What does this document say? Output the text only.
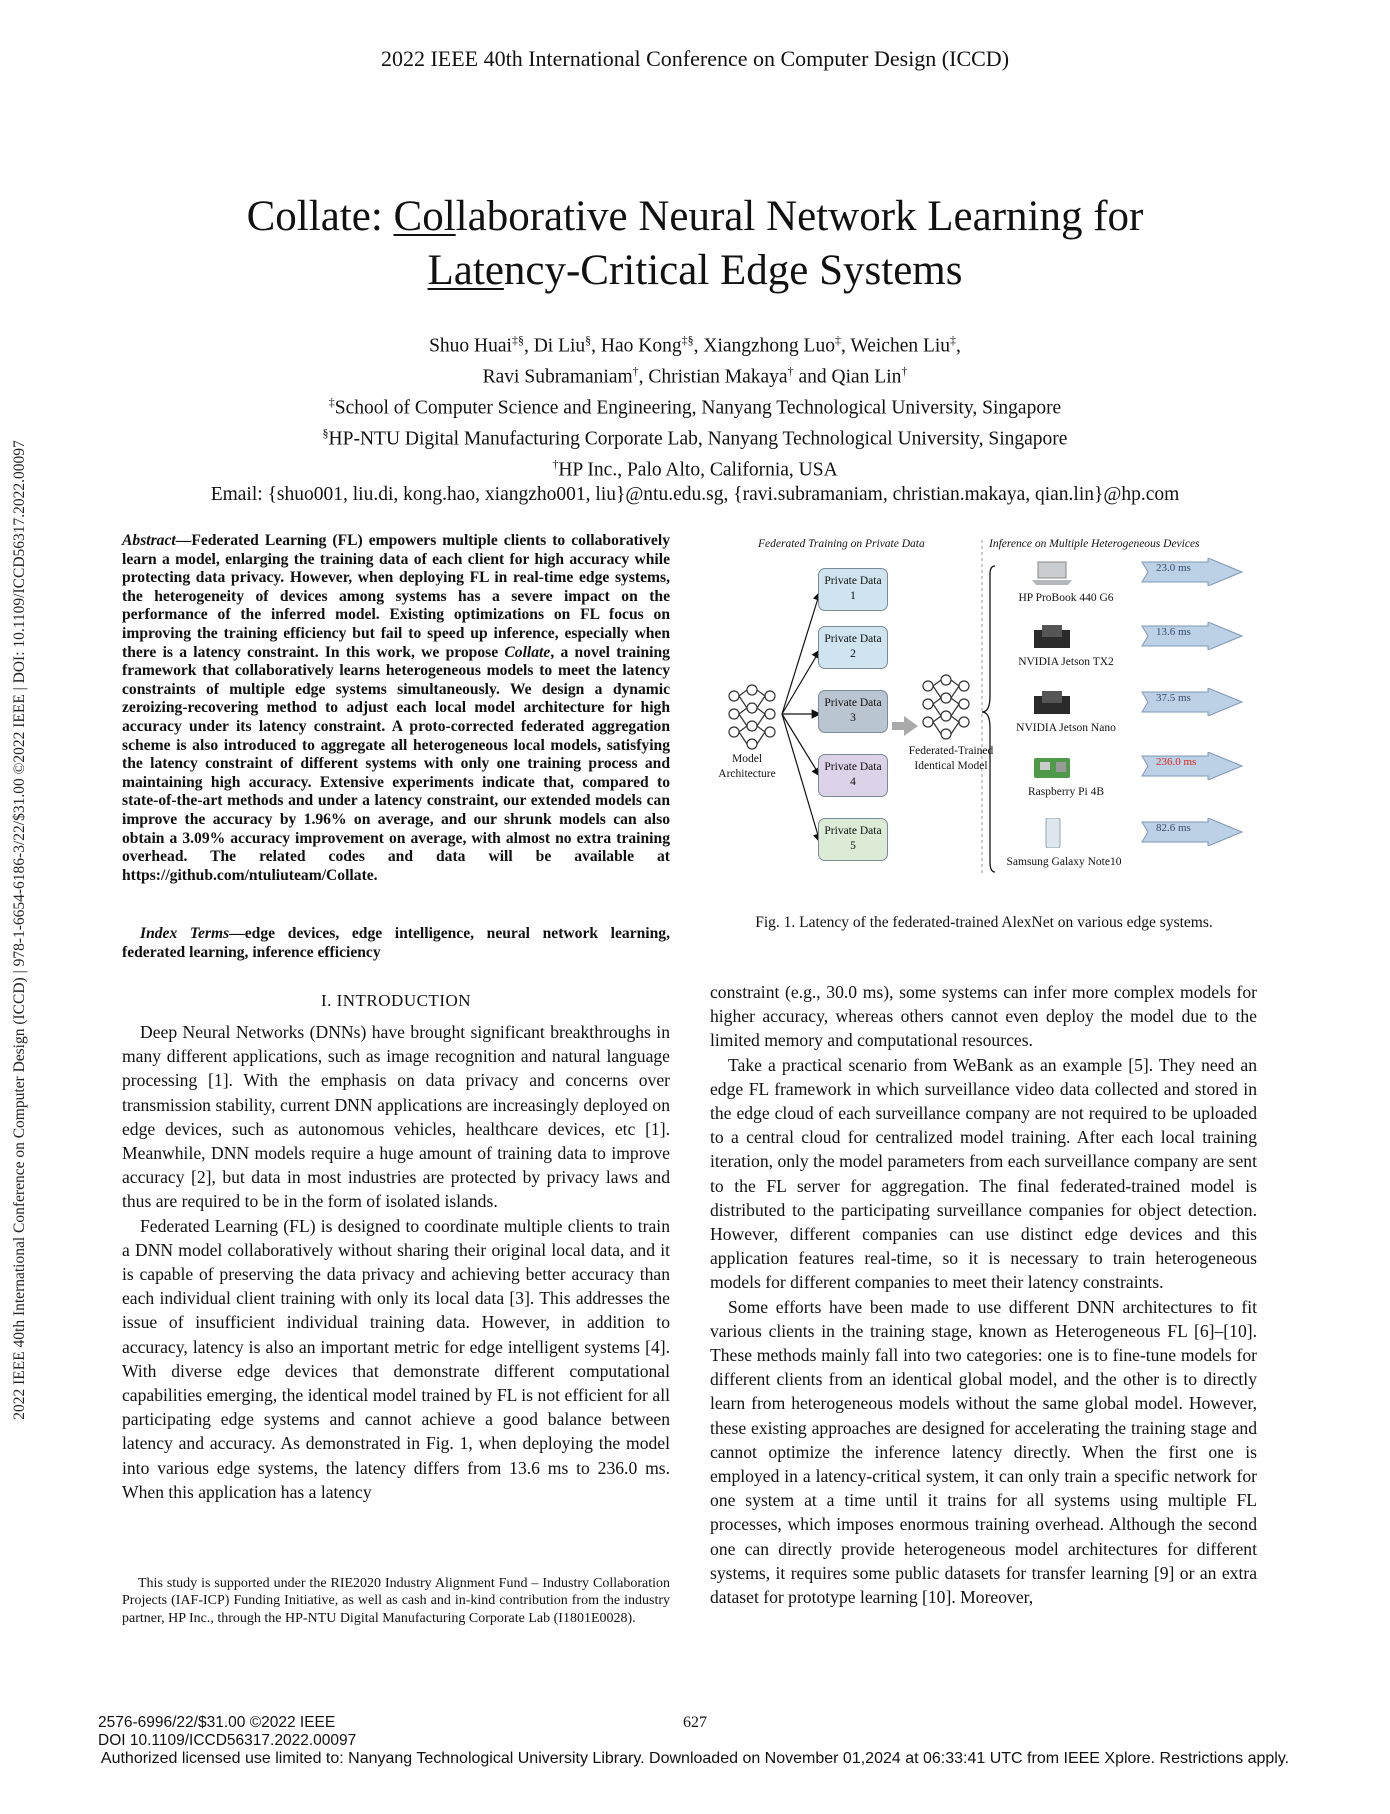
2022 IEEE 40th International Conference on Computer Design (ICCD)
2022 IEEE 40th International Conference on Computer Design (ICCD) | 978-1-6654-6186-3/22/$31.00 ©2022 IEEE | DOI: 10.1109/ICCD56317.2022.00097
Collate: Collaborative Neural Network Learning for
Latency-Critical Edge Systems
Shuo Huai‡§, Di Liu§, Hao Kong‡§, Xiangzhong Luo‡, Weichen Liu‡,
Ravi Subramaniam†, Christian Makaya† and Qian Lin†
‡School of Computer Science and Engineering, Nanyang Technological University, Singapore
§HP-NTU Digital Manufacturing Corporate Lab, Nanyang Technological University, Singapore
†HP Inc., Palo Alto, California, USA
Email: {shuo001, liu.di, kong.hao, xiangzho001, liu}@ntu.edu.sg, {ravi.subramaniam, christian.makaya, qian.lin}@hp.com
Abstract—Federated Learning (FL) empowers multiple clients to collaboratively learn a model, enlarging the training data of each client for high accuracy while protecting data privacy. However, when deploying FL in real-time edge systems, the heterogeneity of devices among systems has a severe impact on the performance of the inferred model. Existing optimizations on FL focus on improving the training efficiency but fail to speed up inference, especially when there is a latency constraint. In this work, we propose Collate, a novel training framework that collaboratively learns heterogeneous models to meet the latency constraints of multiple edge systems simultaneously. We design a dynamic zeroizing-recovering method to adjust each local model architecture for high accuracy under its latency constraint. A proto-corrected federated aggregation scheme is also introduced to aggregate all heterogeneous local models, satisfying the latency constraint of different systems with only one training process and maintaining high accuracy. Extensive experiments indicate that, compared to state-of-the-art methods and under a latency constraint, our extended models can improve the accuracy by 1.96% on average, and our shrunk models can also obtain a 3.09% accuracy improvement on average, with almost no extra training overhead. The related codes and data will be available at https://github.com/ntuliuteam/Collate.
Index Terms—edge devices, edge intelligence, neural network learning, federated learning, inference efficiency
I. INTRODUCTION

Deep Neural Networks (DNNs) have brought significant breakthroughs in many different applications, such as image recognition and natural language processing [1]. With the emphasis on data privacy and concerns over transmission stability, current DNN applications are increasingly deployed on edge devices, such as autonomous vehicles, healthcare devices, etc [1]. Meanwhile, DNN models require a huge amount of training data to improve accuracy [2], but data in most industries are protected by privacy laws and thus are required to be in the form of isolated islands.

Federated Learning (FL) is designed to coordinate multiple clients to train a DNN model collaboratively without sharing their original local data, and it is capable of preserving the data privacy and achieving better accuracy than each individual client training with only its local data [3]. This addresses the issue of insufficient individual training data. However, in addition to accuracy, latency is also an important metric for edge intelligent systems [4]. With diverse edge devices that demonstrate different computational capabilities emerging, the identical model trained by FL is not efficient for all participating edge systems and cannot achieve a good balance between latency and accuracy. As demonstrated in Fig. 1, when deploying the model into various edge systems, the latency differs from 13.6 ms to 236.0 ms. When this application has a latency

This study is supported under the RIE2020 Industry Alignment Fund – Industry Collaboration Projects (IAF-ICP) Funding Initiative, as well as cash and in-kind contribution from the industry partner, HP Inc., through the HP-NTU Digital Manufacturing Corporate Lab (I1801E0028).

constraint (e.g., 30.0 ms), some systems can infer more complex models for higher accuracy, whereas others cannot even deploy the model due to the limited memory and computational resources.

Take a practical scenario from WeBank as an example [5]. They need an edge FL framework in which surveillance video data collected and stored in the edge cloud of each surveillance company are not required to be uploaded to a central cloud for centralized model training. After each local training iteration, only the model parameters from each surveillance company are sent to the FL server for aggregation. The final federated-trained model is distributed to the participating surveillance companies for object detection. However, different companies can use distinct edge devices and this application features real-time, so it is necessary to train heterogeneous models for different companies to meet their latency constraints.

Some efforts have been made to use different DNN architectures to fit various clients in the training stage, known as Heterogeneous FL [6]–[10]. These methods mainly fall into two categories: one is to fine-tune models for different clients from an identical global model, and the other is to directly learn from heterogeneous models without the same global model. However, these existing approaches are designed for accelerating the training stage and cannot optimize the inference latency directly. When the first one is employed in a latency-critical system, it can only train a specific network for one system at a time until it trains for all systems using multiple FL processes, which imposes enormous training overhead. Although the second one can directly provide heterogeneous model architectures for different systems, it requires some public datasets for transfer learning [9] or an extra dataset for prototype learning [10]. Moreover,

Federated Training on Private Data	Inference on Multiple Heterogeneous Devices
Model
Architecture
Federated-Trained
Identical Model
Private Data
1
Private Data
2
Private Data
3
Private Data
4
Private Data
5
HP ProBook 440 G6
23.0 ms
NVIDIA Jetson TX2
13.6 ms
NVIDIA Jetson Nano
37.5 ms
Raspberry Pi 4B
236.0 ms
Samsung Galaxy Note10
82.6 ms
Fig. 1. Latency of the federated-trained AlexNet on various edge systems.
2576-6996/22/$31.00 ©2022 IEEE
DOI 10.1109/ICCD56317.2022.00097
627
Authorized licensed use limited to: Nanyang Technological University Library. Downloaded on November 01,2024 at 06:33:41 UTC from IEEE Xplore. Restrictions apply.
